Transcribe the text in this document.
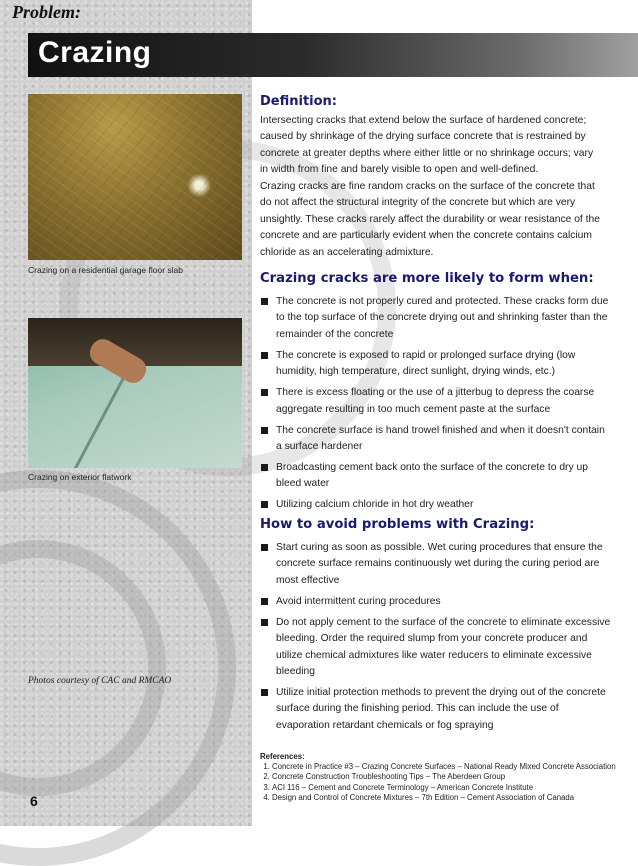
Problem:
Crazing
Crazing on a residential garage floor slab
Crazing on exterior flatwork
Photos courtesy of CAC and RMCAO
Definition:
Intersecting cracks that extend below the surface of hardened concrete; caused by shrinkage of the drying surface concrete that is restrained by concrete at greater depths where either little or no shrinkage occurs; vary in width from fine and barely visible to open and well-defined.
Crazing cracks are fine random cracks on the surface of the concrete that do not affect the structural integrity of the concrete but which are very unsightly. These cracks rarely affect the durability or wear resistance of the concrete and are particularly evident when the concrete contains calcium chloride as an accelerating admixture.
Crazing cracks are more likely to form when:
The concrete is not properly cured and protected. These cracks form due to the top surface of the concrete drying out and shrinking faster than the remainder of the concrete
The concrete is exposed to rapid or prolonged surface drying (low humidity, high temperature, direct sunlight, drying winds, etc.)
There is excess floating or the use of a jitterbug to depress the coarse aggregate resulting in too much cement paste at the surface
The concrete surface is hand trowel finished and when it doesn't contain a surface hardener
Broadcasting cement back onto the surface of the concrete to dry up bleed water
Utilizing calcium chloride in hot dry weather
How to avoid problems with Crazing:
Start curing as soon as possible. Wet curing procedures that ensure the concrete surface remains continuously wet during the curing period are most effective
Avoid intermittent curing procedures
Do not apply cement to the surface of the concrete to eliminate excessive bleeding. Order the required slump from your concrete producer and utilize chemical admixtures like water reducers to eliminate excessive bleeding
Utilize initial protection methods to prevent the drying out of the concrete surface during the finishing period. This can include the use of evaporation retardant chemicals or fog spraying
References:
1. Concrete in Practice #3 – Crazing Concrete Surfaces – National Ready Mixed Concrete Association
2. Concrete Construction Troubleshooting Tips – The Aberdeen Group
3. ACI 116 – Cement and Concrete Terminology – American Concrete Institute
4. Design and Control of Concrete Mixtures – 7th Edition – Cement Association of Canada
6
